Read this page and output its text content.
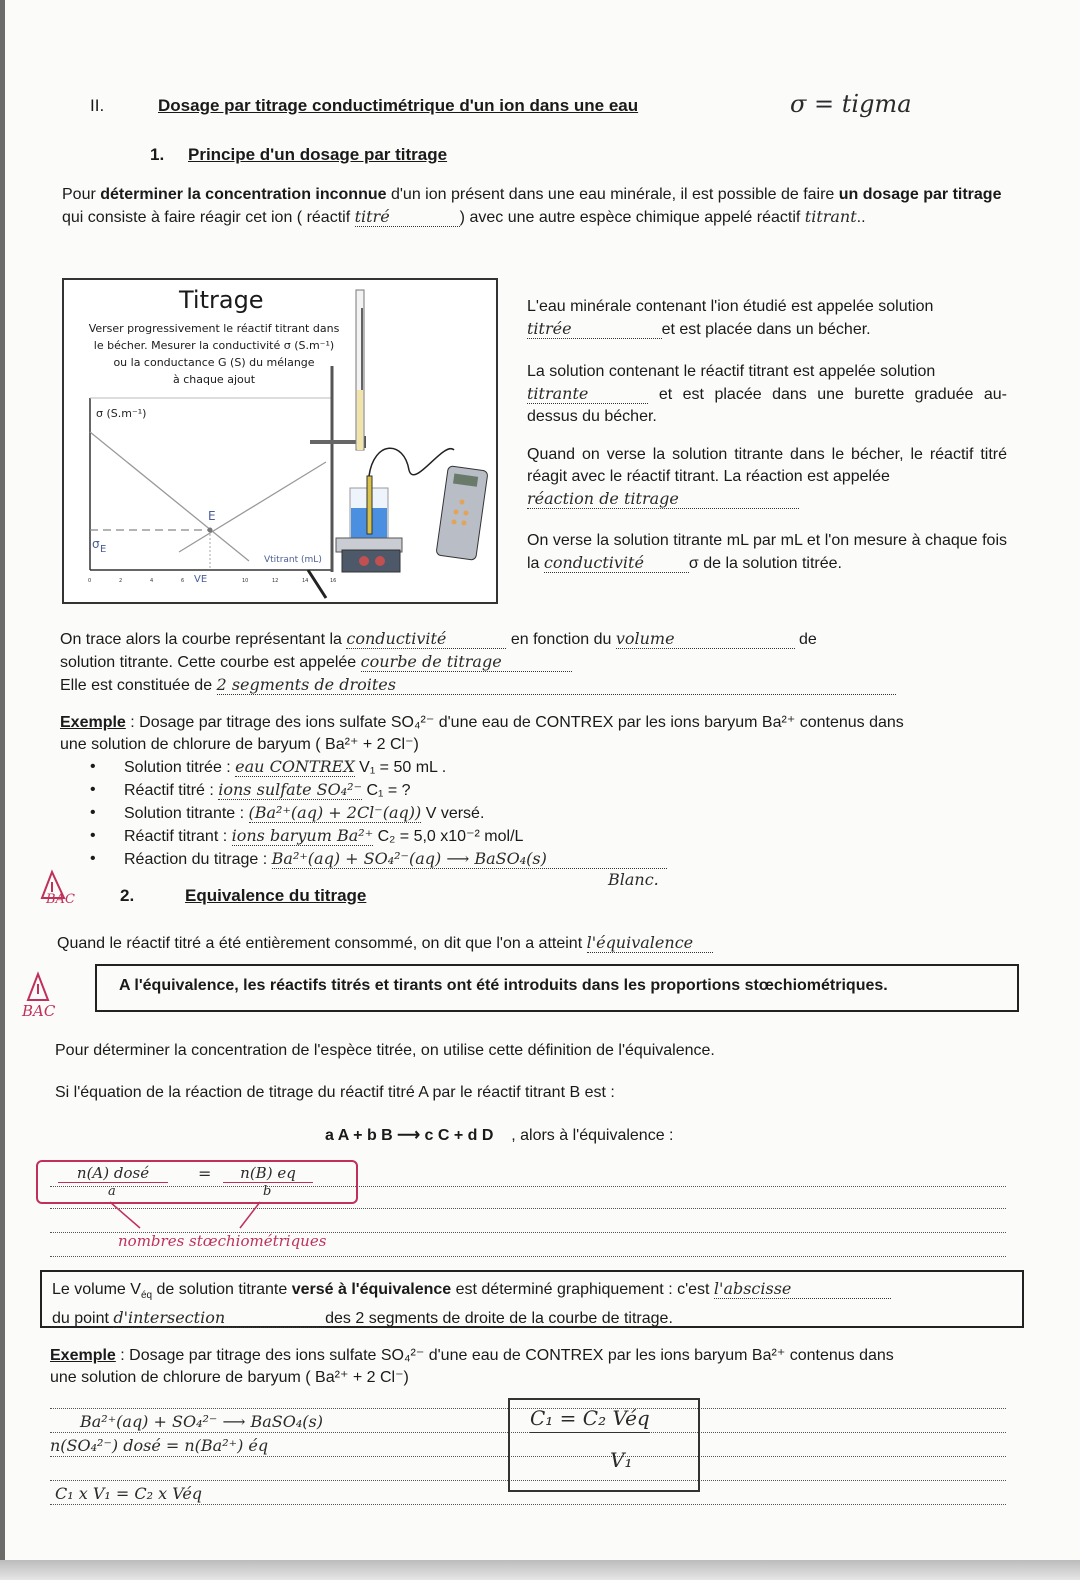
II.	Dosage par titrage conductimétrique d'un ion dans une eau	σ = tigma
1. Principe d'un dosage par titrage
Pour déterminer la concentration inconnue d'un ion présent dans une eau minérale, il est possible de faire un dosage par titrage qui consiste à faire réagir cet ion ( réactif titré	) avec une autre espèce chimique appelé réactif titrant..
Titrage
Verser progressivement le réactif titrant dans
le bécher. Mesurer la conductivité σ (S.m⁻¹)
ou la conductance G (S) du mélange
à chaque ajout
σ (S.m⁻¹)
E
σ E
Vtitrant (mL)
VE
0	2	4	6	10	12	14	16
L'eau minérale contenant l'ion étudié est appelée solution
titrée	et est placée dans un bécher.
La solution contenant le réactif titrant est appelée solution
titrante	et est placée dans une burette graduée au-dessus du bécher.
Quand on verse la solution titrante dans le bécher, le réactif titré réagit avec le réactif titrant. La réaction est appelée
réaction de titrage
On verse la solution titrante mL par mL et l'on mesure à chaque fois la conductivité	σ de la solution titrée.
On trace alors la courbe représentant la conductivité	en fonction du volume	de
solution titrante. Cette courbe est appelée courbe de titrage
Elle est constituée de 2 segments de droites
Exemple : Dosage par titrage des ions sulfate SO₄²⁻ d'une eau de CONTREX par les ions baryum Ba²⁺ contenus dans
une solution de chlorure de baryum ( Ba²⁺ + 2 Cl⁻)
• Solution titrée : eau CONTREX V₁ = 50 mL .
• Réactif titré : ions sulfate SO₄²⁻ C₁ = ?
• Solution titrante : (Ba²⁺(aq) + 2Cl⁻(aq)) V versé.
• Réactif titrant : ions baryum Ba²⁺ C₂ = 5,0 x10⁻² mol/L
• Réaction du titrage : Ba²⁺(aq) + SO₄²⁻(aq) ⟶ BaSO₄(s)
Blanc.
BAC	2.	Equivalence du titrage
Quand le réactif titré a été entièrement consommé, on dit que l'on a atteint l'équivalence
BAC
A l'équivalence, les réactifs titrés et tirants ont été introduits dans les proportions stœchiométriques.
Pour déterminer la concentration de l'espèce titrée, on utilise cette définition de l'équivalence.
Si l'équation de la réaction de titrage du réactif titré A par le réactif titrant B est :
a A + b B ⟶ c C + d D , alors à l'équivalence :
n(A) dosé
a
=	n(B) eq
b
nombres stœchiométriques
Le volume $V_{éq}$ de solution titrante versé à l'équivalence est déterminé graphiquement : c'est l'abscisse
du point d'intersection	des 2 segments de droite de la courbe de titrage.
Exemple : Dosage par titrage des ions sulfate SO₄²⁻ d'une eau de CONTREX par les ions baryum Ba²⁺ contenus dans
une solution de chlorure de baryum ( Ba²⁺ + 2 Cl⁻)
Ba²⁺(aq) + SO₄²⁻ ⟶ BaSO₄(s)
n(SO₄²⁻) dosé = n(Ba²⁺) éq
C₁ x V₁ = C₂ x Véq
C₁ = C₂ Véq
V₁
